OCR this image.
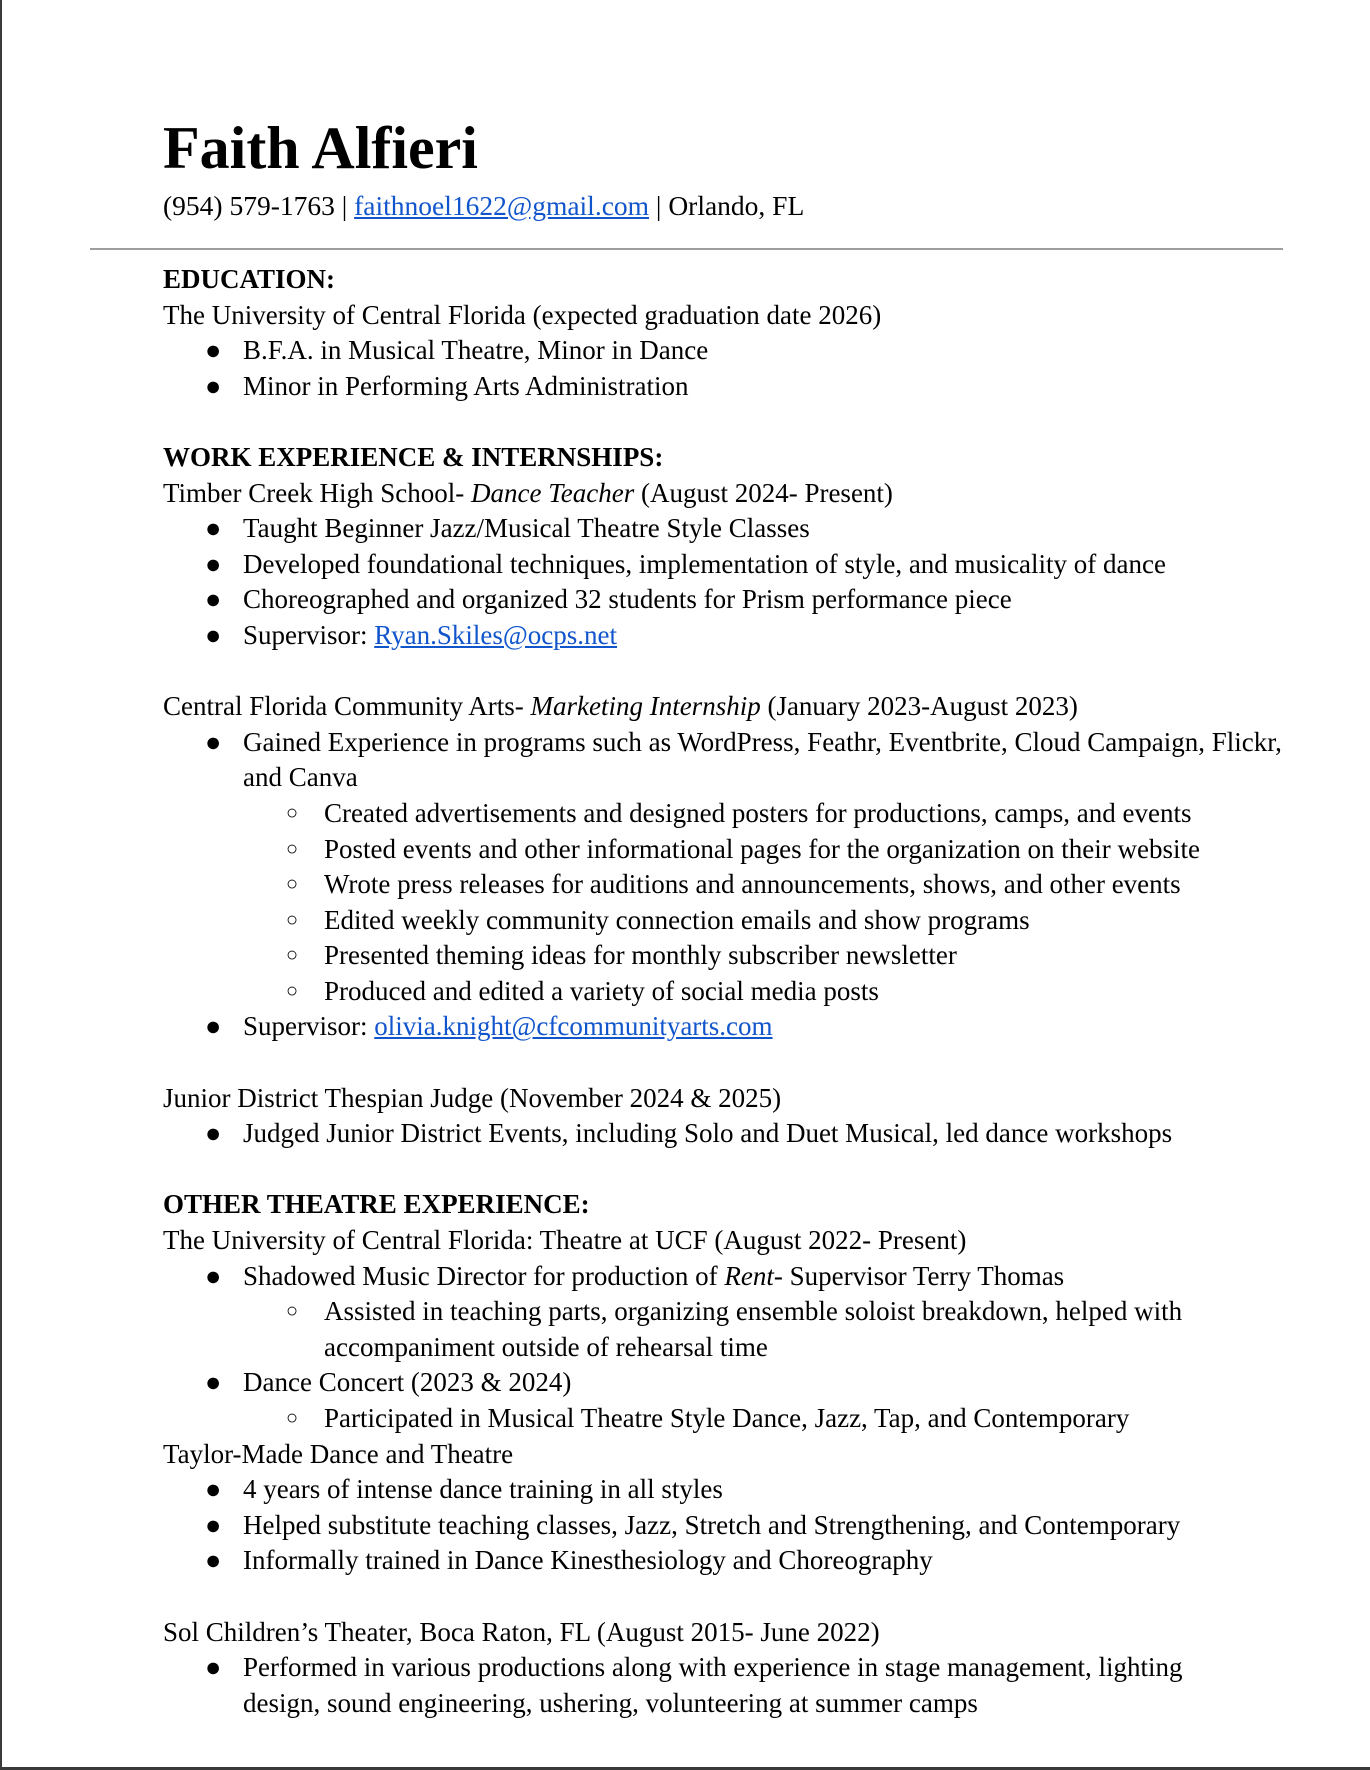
Faith Alfieri
(954) 579-1763 | faithnoel1622@gmail.com | Orlando, FL
EDUCATION:
The University of Central Florida (expected graduation date 2026)
● B.F.A. in Musical Theatre, Minor in Dance
● Minor in Performing Arts Administration
WORK EXPERIENCE & INTERNSHIPS:
Timber Creek High School- Dance Teacher (August 2024- Present)
● Taught Beginner Jazz/Musical Theatre Style Classes
● Developed foundational techniques, implementation of style, and musicality of dance
● Choreographed and organized 32 students for Prism performance piece
● Supervisor: Ryan.Skiles@ocps.net
Central Florida Community Arts- Marketing Internship (January 2023-August 2023)
● Gained Experience in programs such as WordPress, Feathr, Eventbrite, Cloud Campaign, Flickr, and Canva
○ Created advertisements and designed posters for productions, camps, and events
○ Posted events and other informational pages for the organization on their website
○ Wrote press releases for auditions and announcements, shows, and other events
○ Edited weekly community connection emails and show programs
○ Presented theming ideas for monthly subscriber newsletter
○ Produced and edited a variety of social media posts
● Supervisor: olivia.knight@cfcommunityarts.com
Junior District Thespian Judge (November 2024 & 2025)
● Judged Junior District Events, including Solo and Duet Musical, led dance workshops
OTHER THEATRE EXPERIENCE:
The University of Central Florida: Theatre at UCF (August 2022- Present)
● Shadowed Music Director for production of Rent- Supervisor Terry Thomas
○ Assisted in teaching parts, organizing ensemble soloist breakdown, helped with accompaniment outside of rehearsal time
● Dance Concert (2023 & 2024)
○ Participated in Musical Theatre Style Dance, Jazz, Tap, and Contemporary
Taylor-Made Dance and Theatre
● 4 years of intense dance training in all styles
● Helped substitute teaching classes, Jazz, Stretch and Strengthening, and Contemporary
● Informally trained in Dance Kinesthesiology and Choreography
Sol Children’s Theater, Boca Raton, FL (August 2015- June 2022)
● Performed in various productions along with experience in stage management, lighting design, sound engineering, ushering, volunteering at summer camps
